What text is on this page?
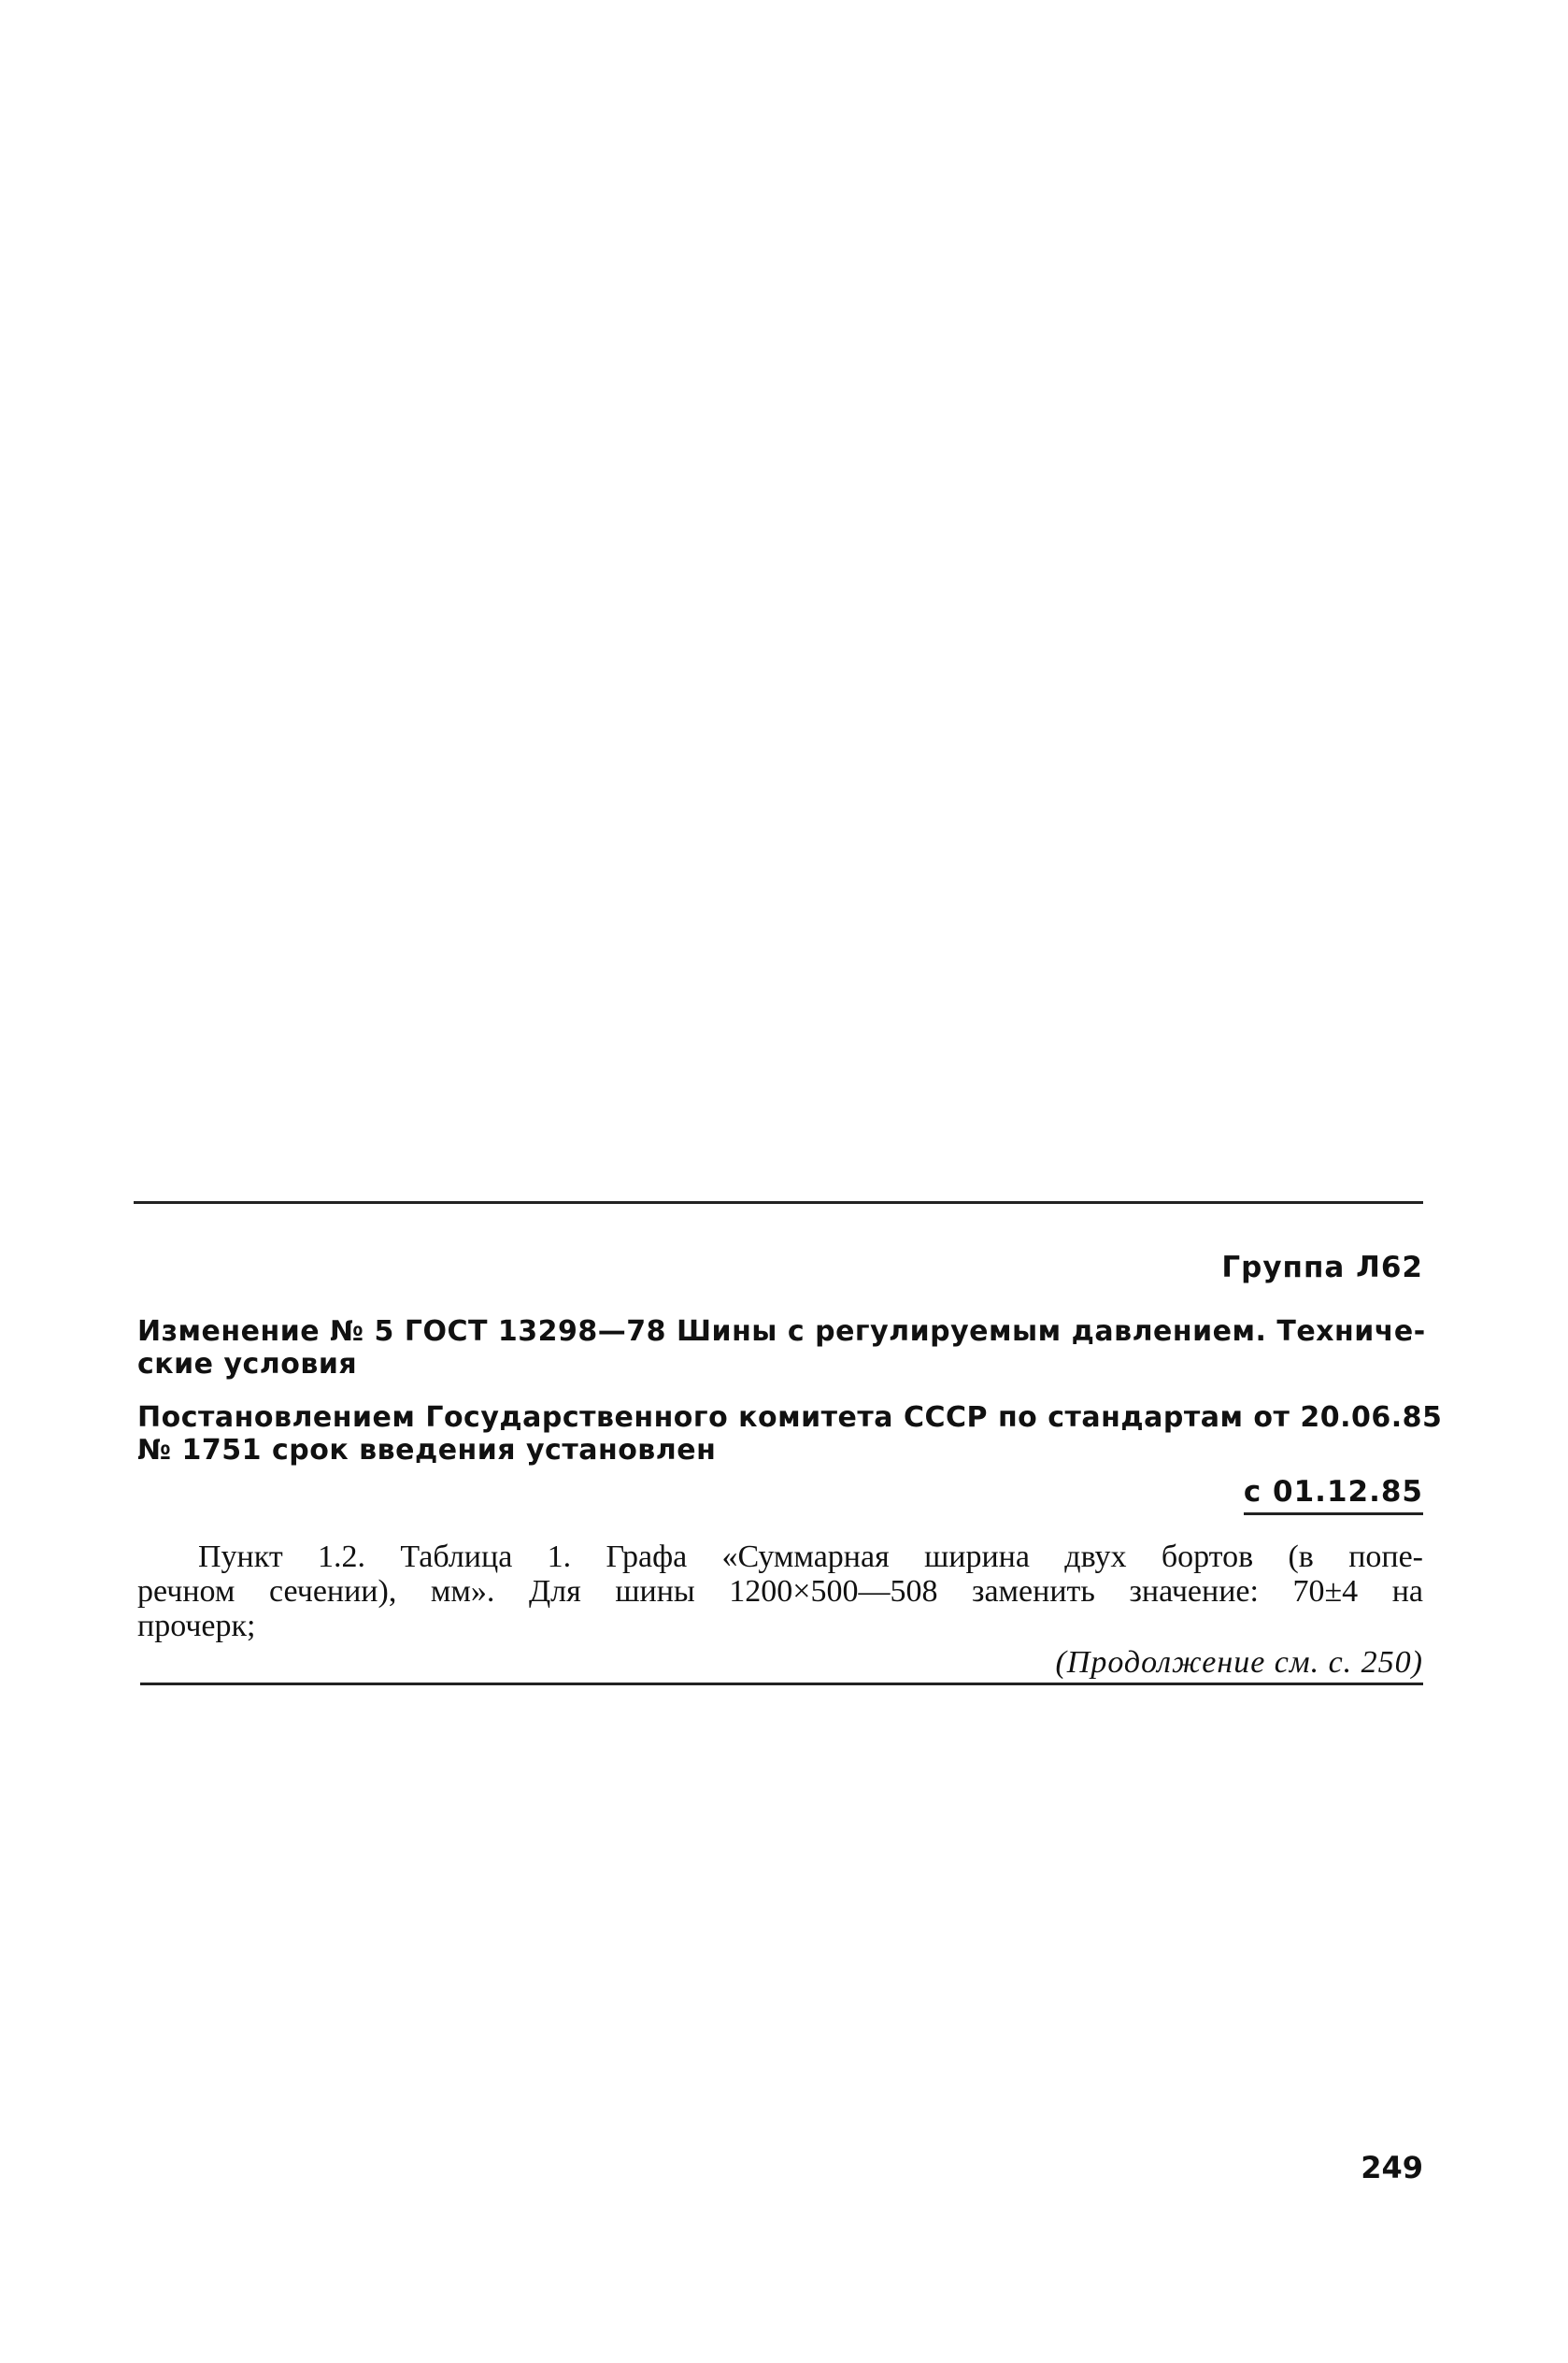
Группа Л62
Изменение № 5 ГОСТ 13298—78 Шины с регулируемым давлением. Техниче-
ские условия
Постановлением Государственного комитета СССР по стандартам от 20.06.85
№ 1751 срок введения установлен
с 01.12.85
Пункт 1.2. Таблица 1. Графа «Суммарная ширина двух бортов (в попе-
речном сечении), мм». Для шины 1200×500—508 заменить значение: 70±4 на
прочерк;
(Продолжение см. с. 250)
249
